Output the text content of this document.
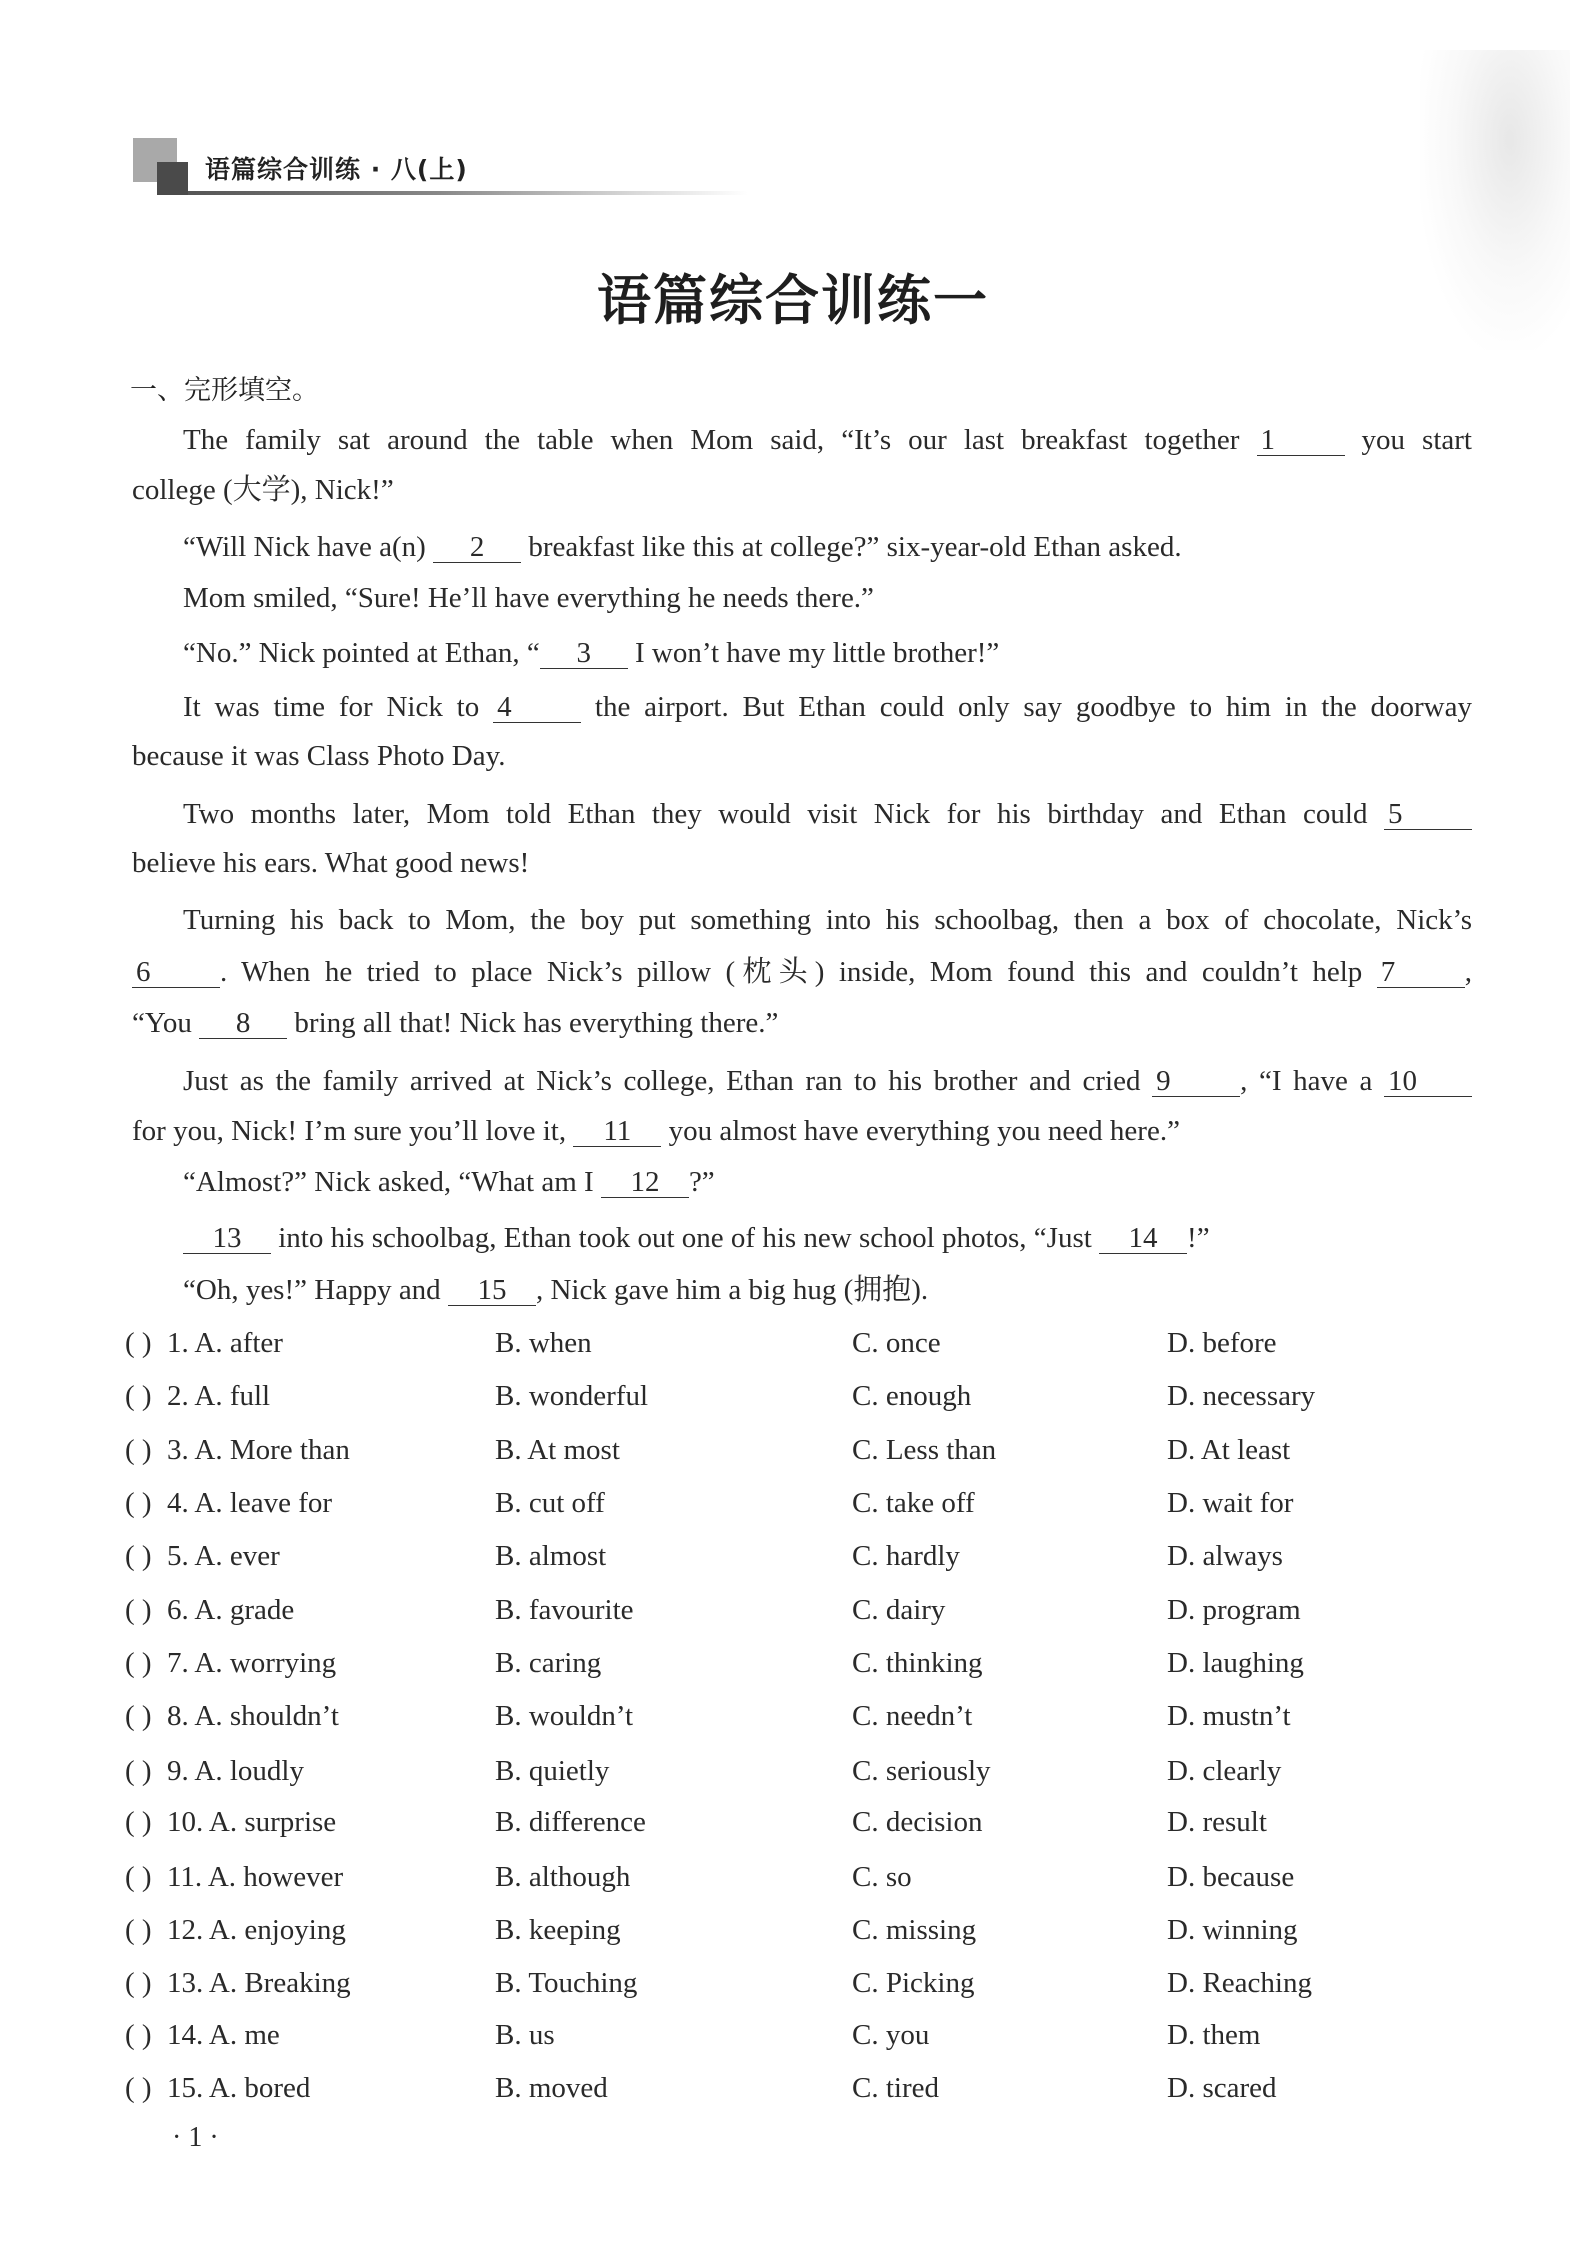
语篇综合训练 · 八(上)
语篇综合训练一
一、完形填空。
The family sat around the table when Mom said, “It’s our last breakfast together 1 you start
college (大学), Nick!”
“Will Nick have a(n) 2 breakfast like this at college?” six-year-old Ethan asked.
Mom smiled, “Sure! He’ll have everything he needs there.”
“No.” Nick pointed at Ethan, “ 3 I won’t have my little brother!”
It was time for Nick to 4 the airport. But Ethan could only say goodbye to him in the doorway
because it was Class Photo Day.
Two months later, Mom told Ethan they would visit Nick for his birthday and Ethan could 5
believe his ears. What good news!
Turning his back to Mom, the boy put something into his schoolbag, then a box of chocolate, Nick’s
6 . When he tried to place Nick’s pillow (枕头) inside, Mom found this and couldn’t help 7 ,
“You 8 bring all that! Nick has everything there.”
Just as the family arrived at Nick’s college, Ethan ran to his brother and cried 9 , “I have a 10
for you, Nick! I’m sure you’ll love it, 11 you almost have everything you need here.”
“Almost?” Nick asked, “What am I 12 ?”
13 into his schoolbag, Ethan took out one of his new school photos, “Just 14 !”
“Oh, yes!” Happy and 15 , Nick gave him a big hug (拥抱).
( ) 1. A. after	B. when	C. once	D. before
( ) 2. A. full	B. wonderful	C. enough	D. necessary
( ) 3. A. More than	B. At most	C. Less than	D. At least
( ) 4. A. leave for	B. cut off	C. take off	D. wait for
( ) 5. A. ever	B. almost	C. hardly	D. always
( ) 6. A. grade	B. favourite	C. dairy	D. program
( ) 7. A. worrying	B. caring	C. thinking	D. laughing
( ) 8. A. shouldn’t	B. wouldn’t	C. needn’t	D. mustn’t
( ) 9. A. loudly	B. quietly	C. seriously	D. clearly
( ) 10. A. surprise	B. difference	C. decision	D. result
( ) 11. A. however	B. although	C. so	D. because
( ) 12. A. enjoying	B. keeping	C. missing	D. winning
( ) 13. A. Breaking	B. Touching	C. Picking	D. Reaching
( ) 14. A. me	B. us	C. you	D. them
( ) 15. A. bored	B. moved	C. tired	D. scared
· 1 ·
